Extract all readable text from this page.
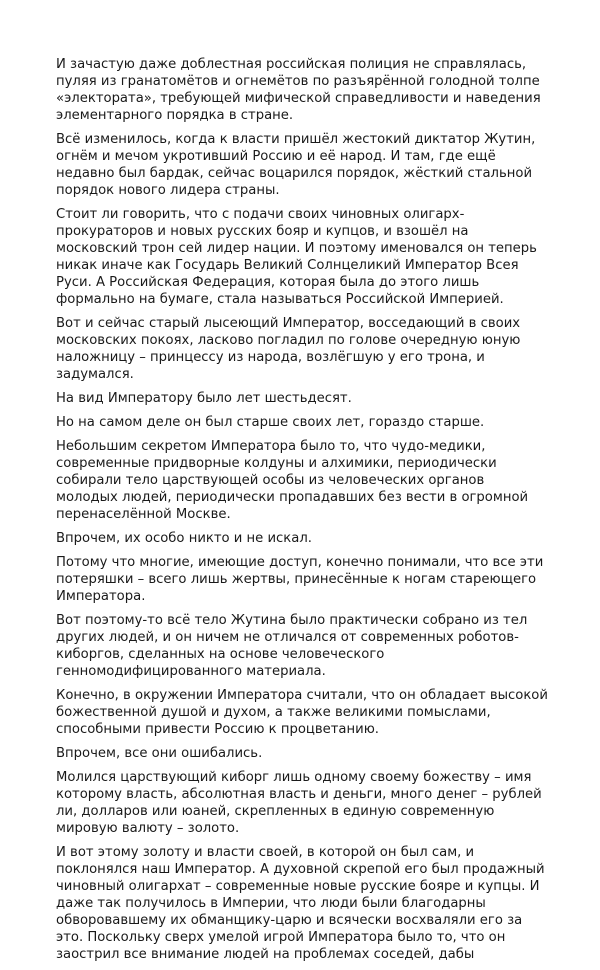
И зачастую даже доблестная российская полиция не справлялась, пуляя из гранатомётов и огнемётов по разъярённой голодной толпе «электората», требующей мифической справедливости и наведения элементарного порядка в стране.

Всё изменилось, когда к власти пришёл жестокий диктатор Жутин, огнём и мечом укротивший Россию и её народ. И там, где ещё недавно был бардак, сейчас воцарился порядок, жёсткий стальной порядок нового лидера страны.

Стоит ли говорить, что с подачи своих чиновных олигарх-прокураторов и новых русских бояр и купцов, и взошёл на московский трон сей лидер нации. И поэтому именовался он теперь никак иначе как Государь Великий Солнцеликий Император Всея Руси. А Российская Федерация, которая была до этого лишь формально на бумаге, стала называться Российской Империей.

Вот и сейчас старый лысеющий Император, восседающий в своих московских покоях, ласково погладил по голове очередную юную наложницу – принцессу из народа, возлёгшую у его трона, и задумался.

На вид Императору было лет шестьдесят.

Но на самом деле он был старше своих лет, гораздо старше.

Небольшим секретом Императора было то, что чудо-медики, современные придворные колдуны и алхимики, периодически собирали тело царствующей особы из человеческих органов молодых людей, периодически пропадавших без вести в огромной перенаселённой Москве.

Впрочем, их особо никто и не искал.

Потому что многие, имеющие доступ, конечно понимали, что все эти потеряшки – всего лишь жертвы, принесённые к ногам стареющего Императора.

Вот поэтому-то всё тело Жутина было практически собрано из тел других людей, и он ничем не отличался от современных роботов-киборгов, сделанных на основе человеческого генномодифицированного материала.

Конечно, в окружении Императора считали, что он обладает высокой божественной душой и духом, а также великими помыслами, способными привести Россию к процветанию.

Впрочем, все они ошибались.

Молился царствующий киборг лишь одному своему божеству – имя которому власть, абсолютная власть и деньги, много денег – рублей ли, долларов или юаней, скрепленных в единую современную мировую валюту – золото.

И вот этому золоту и власти своей, в которой он был сам, и поклонялся наш Император. А духовной скрепой его был продажный чиновный олигархат – современные новые русские бояре и купцы. И даже так получилось в Империи, что люди были благодарны обворовавшему их обманщику-царю и всячески восхваляли его за это. Поскольку сверх умелой игрой Императора было то, что он заострил все внимание людей на проблемах соседей, дабы
